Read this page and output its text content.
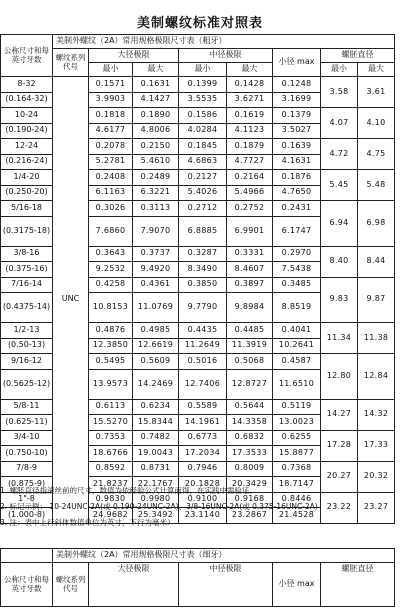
美制螺纹标准对照表
公称尺寸和每英寸牙数	美制外螺纹（2A）常用规格极限尺寸表（粗牙）							
	螺纹系列代号	大径极限		中径极限		小径 max	螺胚直径	
		最小	最大	最小	最大		最小	最大
8-32	UNC	0.1571	0.1631	0.1399	0.1428	0.1248	3.58	3.61
(0.164-32)		3.9903	4.1427	3.5535	3.6271	3.1699		
10-24		0.1818	0.1890	0.1586	0.1619	0.1379	4.07	4.10
(0.190-24)		4.6177	4.8006	4.0284	4.1123	3.5027		
12-24		0.2078	0.2150	0.1845	0.1879	0.1639	4.72	4.75
(0.216-24)		5.2781	5.4610	4.6863	4.7727	4.1631		
1/4-20		0.2408	0.2489	0.2127	0.2164	0.1876	5.45	5.48
(0.250-20)		6.1163	6.3221	5.4026	5.4966	4.7650		
5/16-18		0.3026	0.3113	0.2712	0.2752	0.2431	6.94	6.98
(0.3175-18)		7.6860	7.9070	6.8885	6.9901	6.1747		
3/8-16		0.3643	0.3737	0.3287	0.3331	0.2970	8.40	8.44
(0.375-16)		9.2532	9.4920	8.3490	8.4607	7.5438		
7/16-14		0.4258	0.4361	0.3850	0.3897	0.3485	9.83	9.87
(0.4375-14)		10.8153	11.0769	9.7790	9.8984	8.8519		
1/2-13		0.4876	0.4985	0.4435	0.4485	0.4041	11.34	11.38
(0.50-13)		12.3850	12.6619	11.2649	11.3919	10.2641		
9/16-12		0.5495	0.5609	0.5016	0.5068	0.4587	12.80	12.84
(0.5625-12)		13.9573	14.2469	12.7406	12.8727	11.6510		
5/8-11		0.6113	0.6234	0.5589	0.5644	0.5119	14.27	14.32
(0.625-11)		15.5270	15.8344	14.1961	14.3358	13.0023		
3/4-10		0.7353	0.7482	0.6773	0.6832	0.6255	17.28	17.33
(0.750-10)		18.6766	19.0043	17.2034	17.3533	15.8877		
7/8-9		0.8592	0.8731	0.7946	0.8009	0.7368	20.27	20.32
(0.875-9)		21.8237	22.1767	20.1828	20.3429	18.7147		
1"-8		0.9830	0.9980	0.9100	0.9168	0.8446	23.22	23.27
(1.000-8)		24.9682	25.3492	23.1140	23.2867	21.4528		
1. 螺胚直径指滚丝前的尺寸，数值为依经验公式计算而得，在实践中需验证。
2. 标记示例： 10-24UNC-2A(或 0.190-24UNC-2A)、3/8-16UNC-2A(或 0.375-16UNC-2A)
3. 注：表中上行斜体数值单位为英寸，下行为毫米）
	美制外螺纹（2A）常用规格极限尺寸表（细牙）				
公称尺寸和每英寸牙数	螺纹系列代号	大径极限	中径极限	小径 max	螺胚直径
